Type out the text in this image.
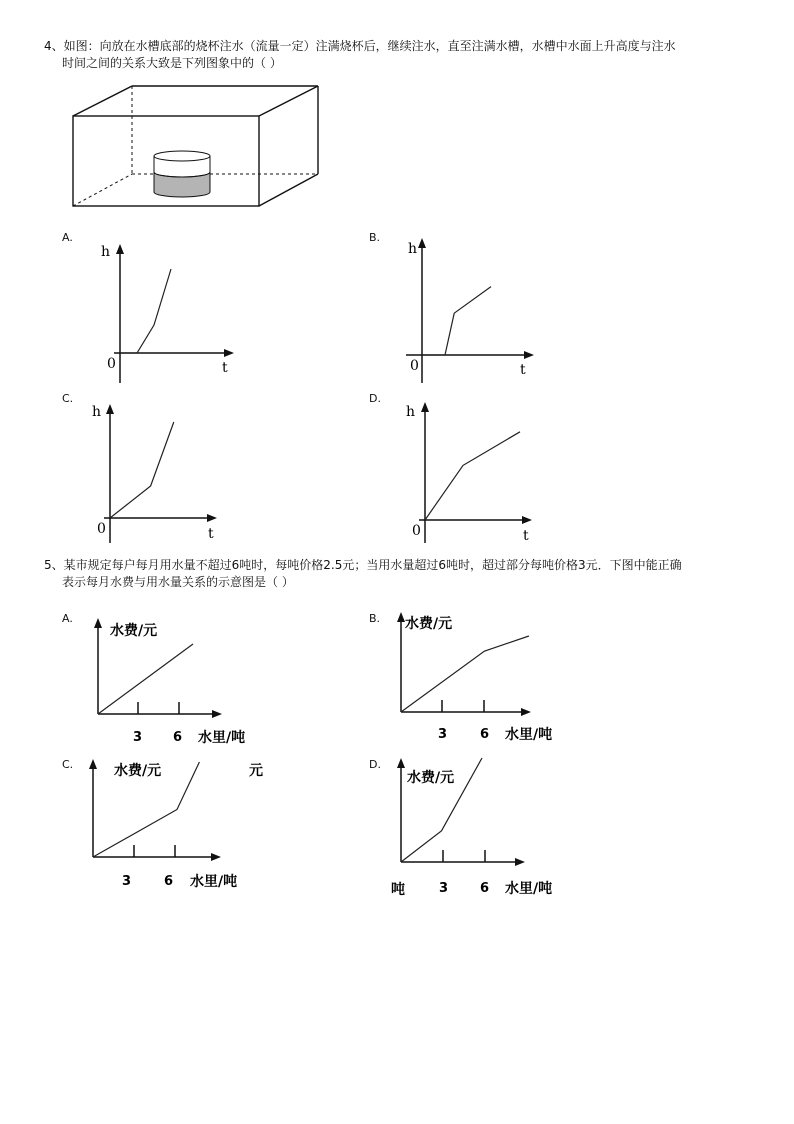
4、如图：向放在水槽底部的烧杯注水（流量一定）注满烧杯后，继续注水，直至注满水槽，水槽中水面上升高度与注水
时间之间的关系大致是下列图象中的（ ）
A.	B.
C.	D.
h
t
0
h
t
0
h
t
0
h
t
0
5、某市规定每户每月用水量不超过6吨时，每吨价格2.5元；当用水量超过6吨时，超过部分每吨价格3元．下图中能正确
表示每月水费与用水量关系的示意图是（ ）
A.	B.
C.	D.
水费/元
3 6 水里/吨
水费/元
3	6 水里/吨
水费/元	元
3	6 水里/吨
水费/元
吨	3 6 水里/吨
